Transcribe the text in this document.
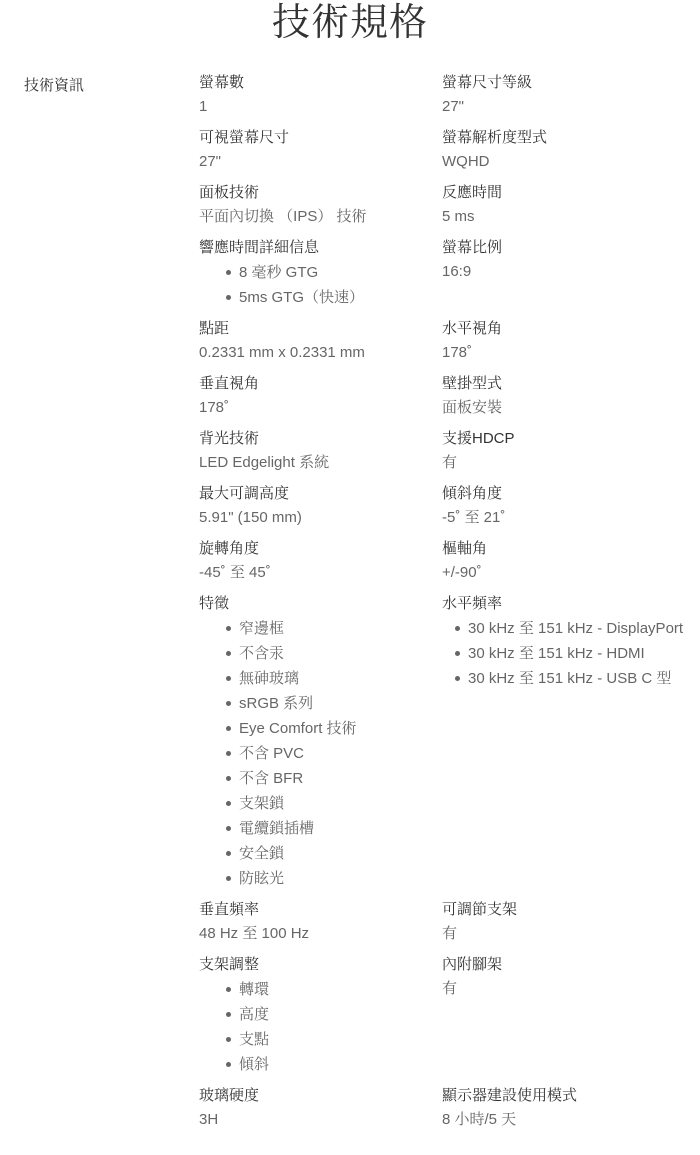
技術規格
技術資訊	螢幕數
1
螢幕尺寸等級
27"
可視螢幕尺寸
27"
螢幕解析度型式
WQHD
面板技術
平面內切換 （IPS） 技術
反應時間
5 ms
響應時間詳細信息
8 毫秒 GTG
5ms GTG（快速）
螢幕比例
16:9
點距
0.2331 mm x 0.2331 mm
水平視角
178˚
垂直視角
178˚
壁掛型式
面板安裝
背光技術
LED Edgelight 系統
支援HDCP
有
最大可調高度
5.91" (150 mm)
傾斜角度
-5˚ 至 21˚
旋轉角度
-45˚ 至 45˚
樞軸角
+/-90˚
特徵
窄邊框
不含汞
無砷玻璃
sRGB 系列
Eye Comfort 技術
不含 PVC
不含 BFR
支架鎖
電纜鎖插槽
安全鎖
防眩光
水平頻率
30 kHz 至 151 kHz - DisplayPort
30 kHz 至 151 kHz - HDMI
30 kHz 至 151 kHz - USB C 型
垂直頻率
48 Hz 至 100 Hz
可調節支架
有
支架調整
轉環
高度
支點
傾斜
內附腳架
有
玻璃硬度
3H
顯示器建設使用模式
8 小時/5 天
